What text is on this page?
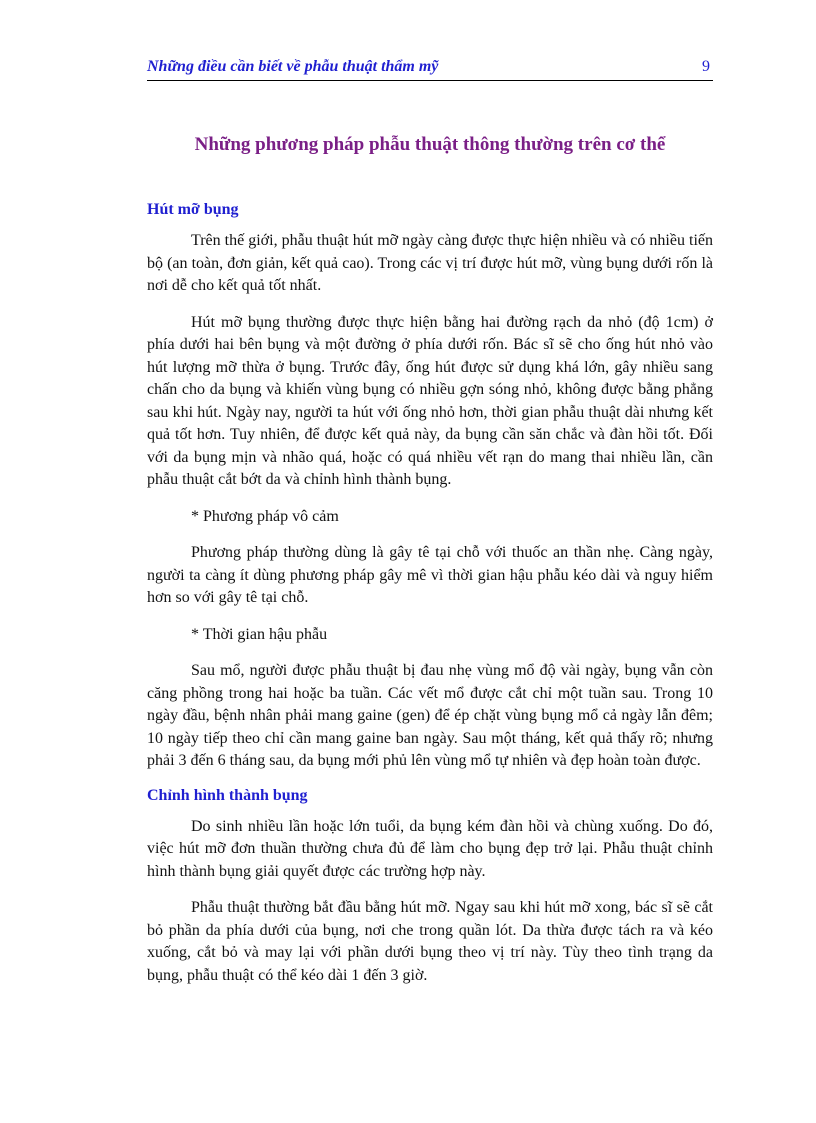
Những điều cần biết về phẫu thuật thẩm mỹ	9
Những phương pháp phẫu thuật thông thường trên cơ thể
Hút mỡ bụng

Trên thế giới, phẫu thuật hút mỡ ngày càng được thực hiện nhiều và có nhiều tiến bộ (an toàn, đơn giản, kết quả cao). Trong các vị trí được hút mỡ, vùng bụng dưới rốn là nơi dễ cho kết quả tốt nhất.

Hút mỡ bụng thường được thực hiện bằng hai đường rạch da nhỏ (độ 1cm) ở phía dưới hai bên bụng và một đường ở phía dưới rốn. Bác sĩ sẽ cho ống hút nhỏ vào hút lượng mỡ thừa ở bụng. Trước đây, ống hút được sử dụng khá lớn, gây nhiều sang chấn cho da bụng và khiến vùng bụng có nhiều gợn sóng nhỏ, không được bằng phẳng sau khi hút. Ngày nay, người ta hút với ống nhỏ hơn, thời gian phẫu thuật dài nhưng kết quả tốt hơn. Tuy nhiên, để được kết quả này, da bụng cần săn chắc và đàn hồi tốt. Đối với da bụng mịn và nhão quá, hoặc có quá nhiều vết rạn do mang thai nhiều lần, cần phẫu thuật cắt bớt da và chỉnh hình thành bụng.

* Phương pháp vô cảm

Phương pháp thường dùng là gây tê tại chỗ với thuốc an thần nhẹ. Càng ngày, người ta càng ít dùng phương pháp gây mê vì thời gian hậu phẫu kéo dài và nguy hiểm hơn so với gây tê tại chỗ.

* Thời gian hậu phẫu

Sau mổ, người được phẫu thuật bị đau nhẹ vùng mổ độ vài ngày, bụng vẫn còn căng phồng trong hai hoặc ba tuần. Các vết mổ được cắt chỉ một tuần sau. Trong 10 ngày đầu, bệnh nhân phải mang gaine (gen) để ép chặt vùng bụng mổ cả ngày lẫn đêm; 10 ngày tiếp theo chỉ cần mang gaine ban ngày. Sau một tháng, kết quả thấy rõ; nhưng phải 3 đến 6 tháng sau, da bụng mới phủ lên vùng mổ tự nhiên và đẹp hoàn toàn được.

Chỉnh hình thành bụng

Do sinh nhiều lần hoặc lớn tuổi, da bụng kém đàn hồi và chùng xuống. Do đó, việc hút mỡ đơn thuần thường chưa đủ để làm cho bụng đẹp trở lại. Phẫu thuật chỉnh hình thành bụng giải quyết được các trường hợp này.

Phẫu thuật thường bắt đầu bằng hút mỡ. Ngay sau khi hút mỡ xong, bác sĩ sẽ cắt bỏ phần da phía dưới của bụng, nơi che trong quần lót. Da thừa được tách ra và kéo xuống, cắt bỏ và may lại với phần dưới bụng theo vị trí này. Tùy theo tình trạng da bụng, phẫu thuật có thể kéo dài 1 đến 3 giờ.
